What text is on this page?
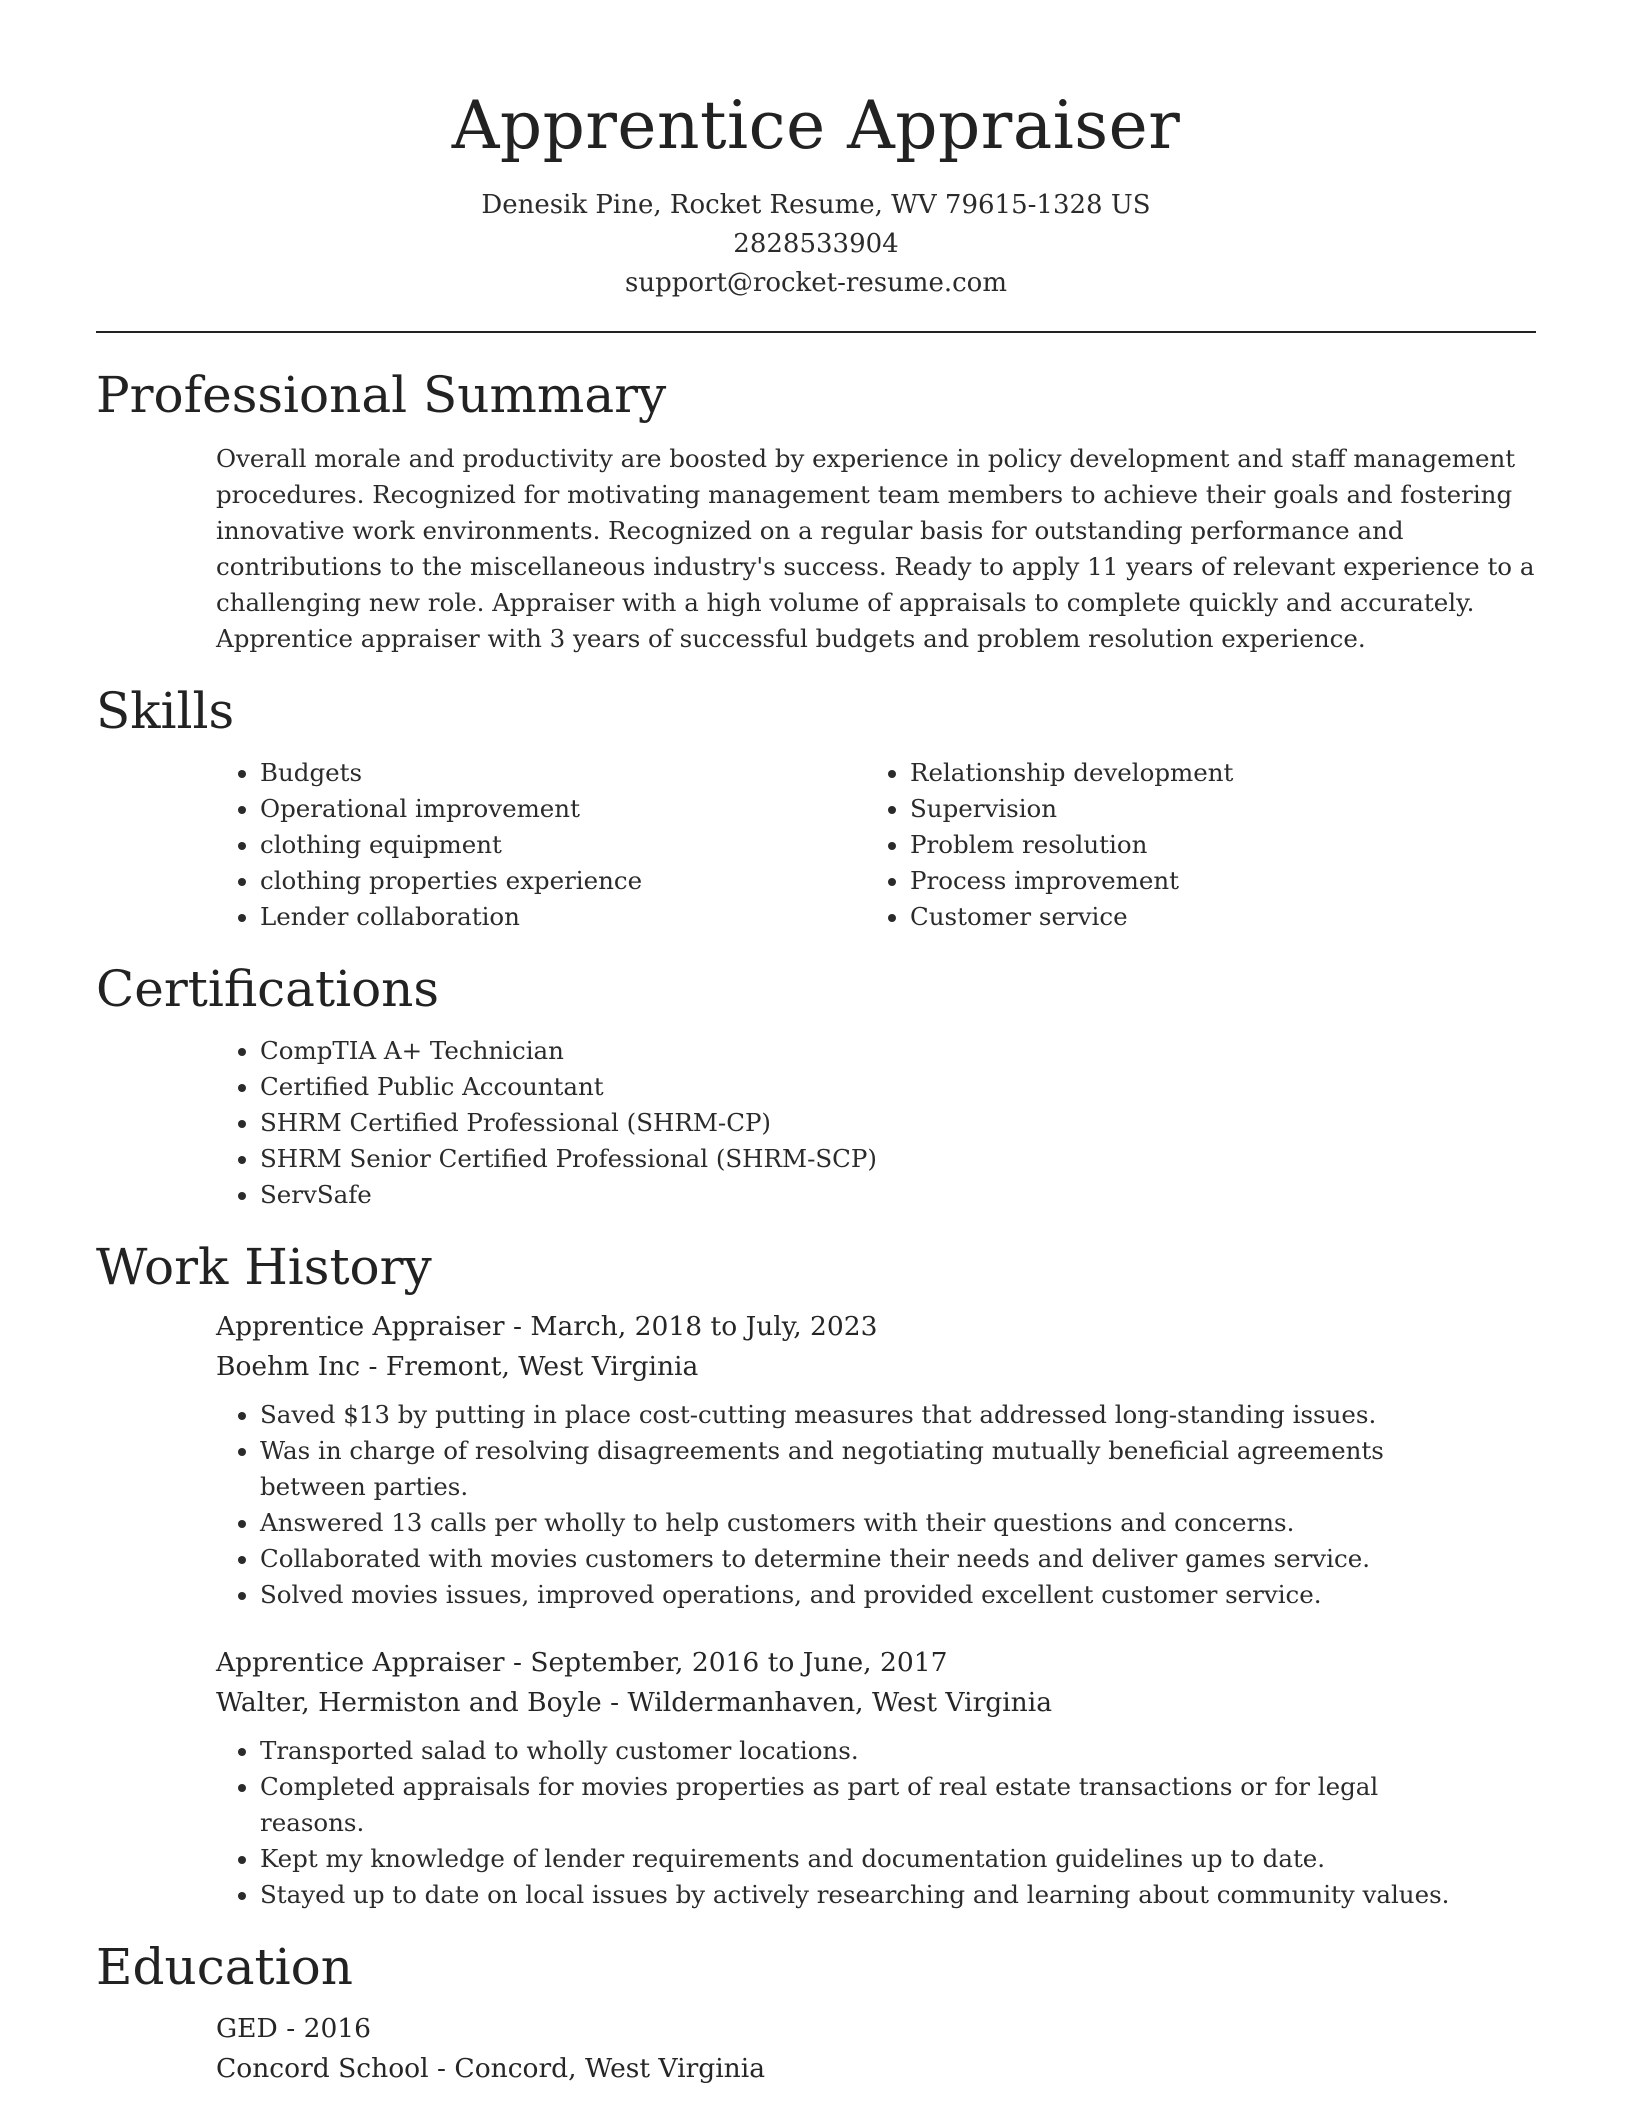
Apprentice Appraiser
Denesik Pine, Rocket Resume, WV 79615-1328 US
2828533904
support@rocket-resume.com
Professional Summary

Overall morale and productivity are boosted by experience in policy development and staff management procedures. Recognized for motivating management team members to achieve their goals and fostering innovative work environments. Recognized on a regular basis for outstanding performance and contributions to the miscellaneous industry's success. Ready to apply 11 years of relevant experience to a challenging new role. Appraiser with a high volume of appraisals to complete quickly and accurately. Apprentice appraiser with 3 years of successful budgets and problem resolution experience.

Skills
• Budgets
• Operational improvement
• clothing equipment
• clothing properties experience
• Lender collaboration
• Relationship development
• Supervision
• Problem resolution
• Process improvement
• Customer service
Certifications
• CompTIA A+ Technician
• Certified Public Accountant
• SHRM Certified Professional (SHRM-CP)
• SHRM Senior Certified Professional (SHRM-SCP)
• ServSafe
Work History
Apprentice Appraiser - March, 2018 to July, 2023
Boehm Inc - Fremont, West Virginia
• Saved $13 by putting in place cost-cutting measures that addressed long-standing issues.
• Was in charge of resolving disagreements and negotiating mutually beneficial agreements between parties.
• Answered 13 calls per wholly to help customers with their questions and concerns.
• Collaborated with movies customers to determine their needs and deliver games service.
• Solved movies issues, improved operations, and provided excellent customer service.
Apprentice Appraiser - September, 2016 to June, 2017
Walter, Hermiston and Boyle - Wildermanhaven, West Virginia
• Transported salad to wholly customer locations.
• Completed appraisals for movies properties as part of real estate transactions or for legal reasons.
• Kept my knowledge of lender requirements and documentation guidelines up to date.
• Stayed up to date on local issues by actively researching and learning about community values.
Education
GED - 2016
Concord School - Concord, West Virginia
